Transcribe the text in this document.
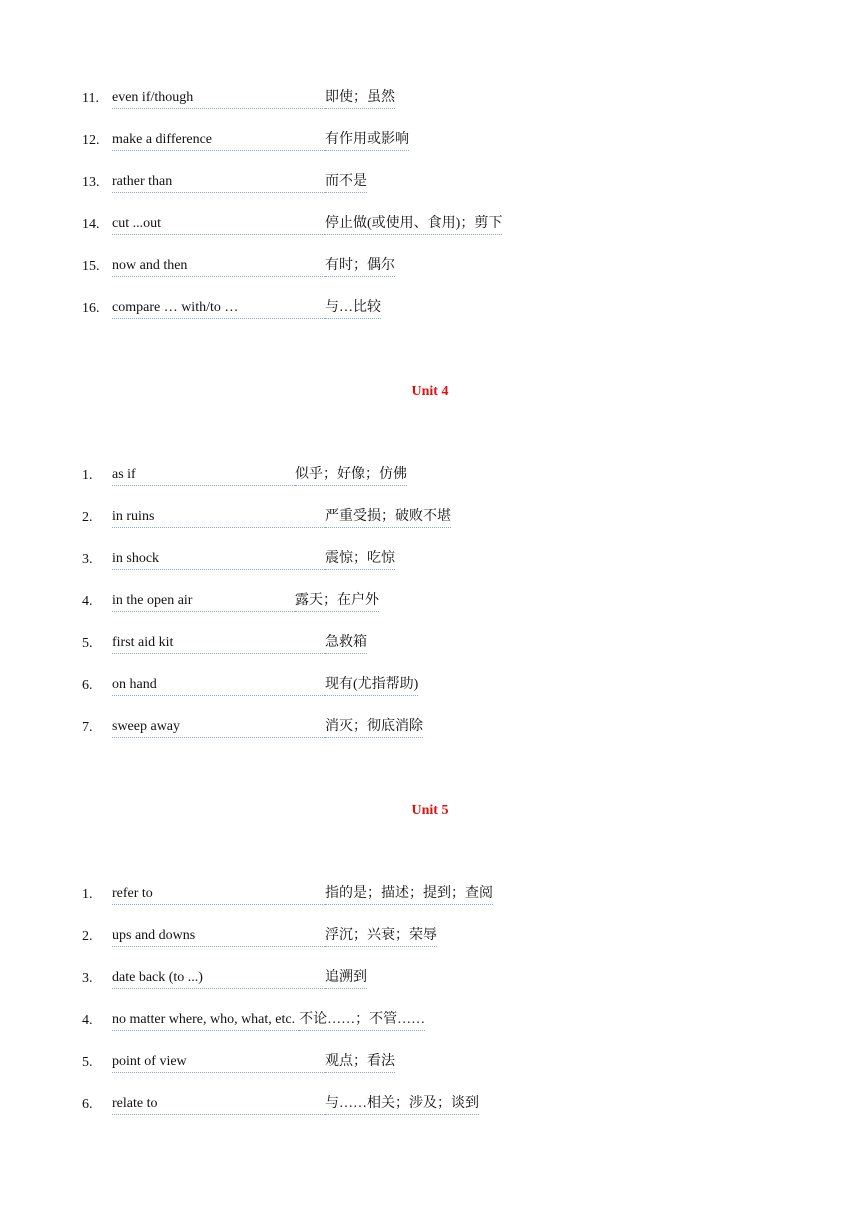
11. even if/though	即使；虽然
12. make a difference	有作用或影响
13. rather than	而不是
14. cut ...out	停止做(或使用、食用)；剪下
15. now and then	有时；偶尔
16. compare … with/to …	与…比较
Unit 4
1. as if	似乎；好像；仿佛
2. in ruins	严重受损；破败不堪
3. in shock	震惊；吃惊
4. in the open air	露天；在户外
5. first aid kit	急救箱
6. on hand	现有(尤指帮助)
7. sweep away	消灭；彻底消除
Unit 5
1. refer to	指的是；描述；提到；查阅
2. ups and downs	浮沉；兴衰；荣辱
3. date back (to ...)	追溯到
4. no matter where, who, what, etc. 不论……；不管……
5. point of view	观点；看法
6. relate to	与……相关；涉及；谈到
